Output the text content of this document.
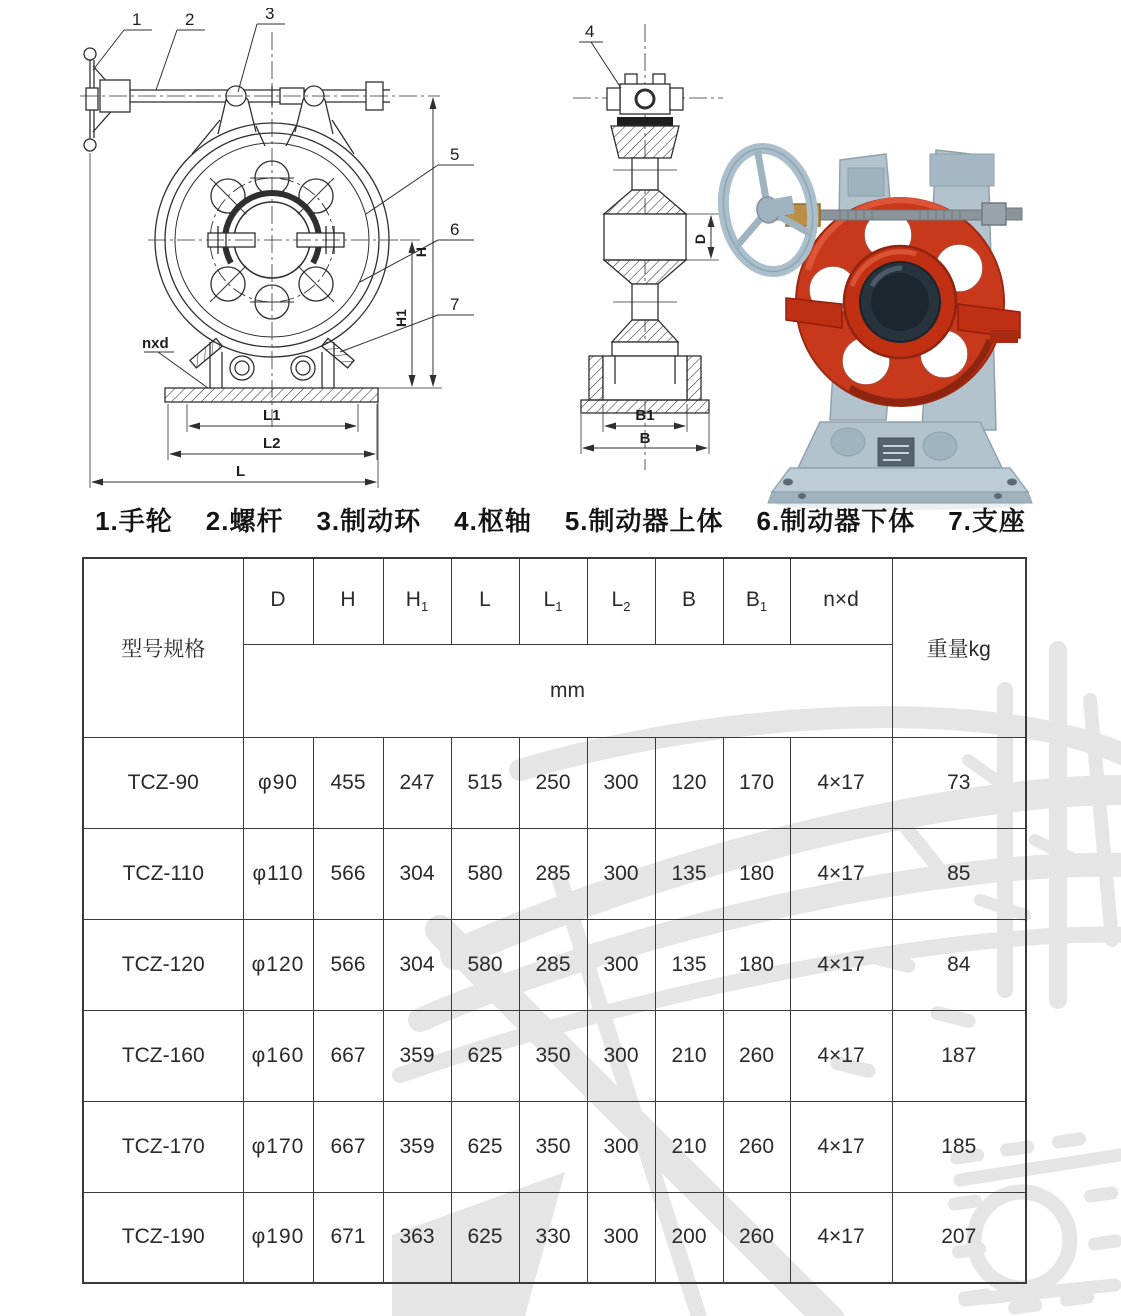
1	2	3
5
6
7
nxd
L1
L2
L
H1
H
4
D
B1
B
1.手轮 2.螺杆 3.制动环 4.枢轴 5.制动器上体 6.制动器下体 7.支座
型号规格	D	H	$H_1$	L	$L_1$	$L_2$	B	$B_1$	n×d	重量kg
	mm									
TCZ-90	φ90	455	247	515	250	300	120	170	4×17	73
TCZ-110	φ110	566	304	580	285	300	135	180	4×17	85
TCZ-120	φ120	566	304	580	285	300	135	180	4×17	84
TCZ-160	φ160	667	359	625	350	300	210	260	4×17	187
TCZ-170	φ170	667	359	625	350	300	210	260	4×17	185
TCZ-190	φ190	671	363	625	330	300	200	260	4×17	207
